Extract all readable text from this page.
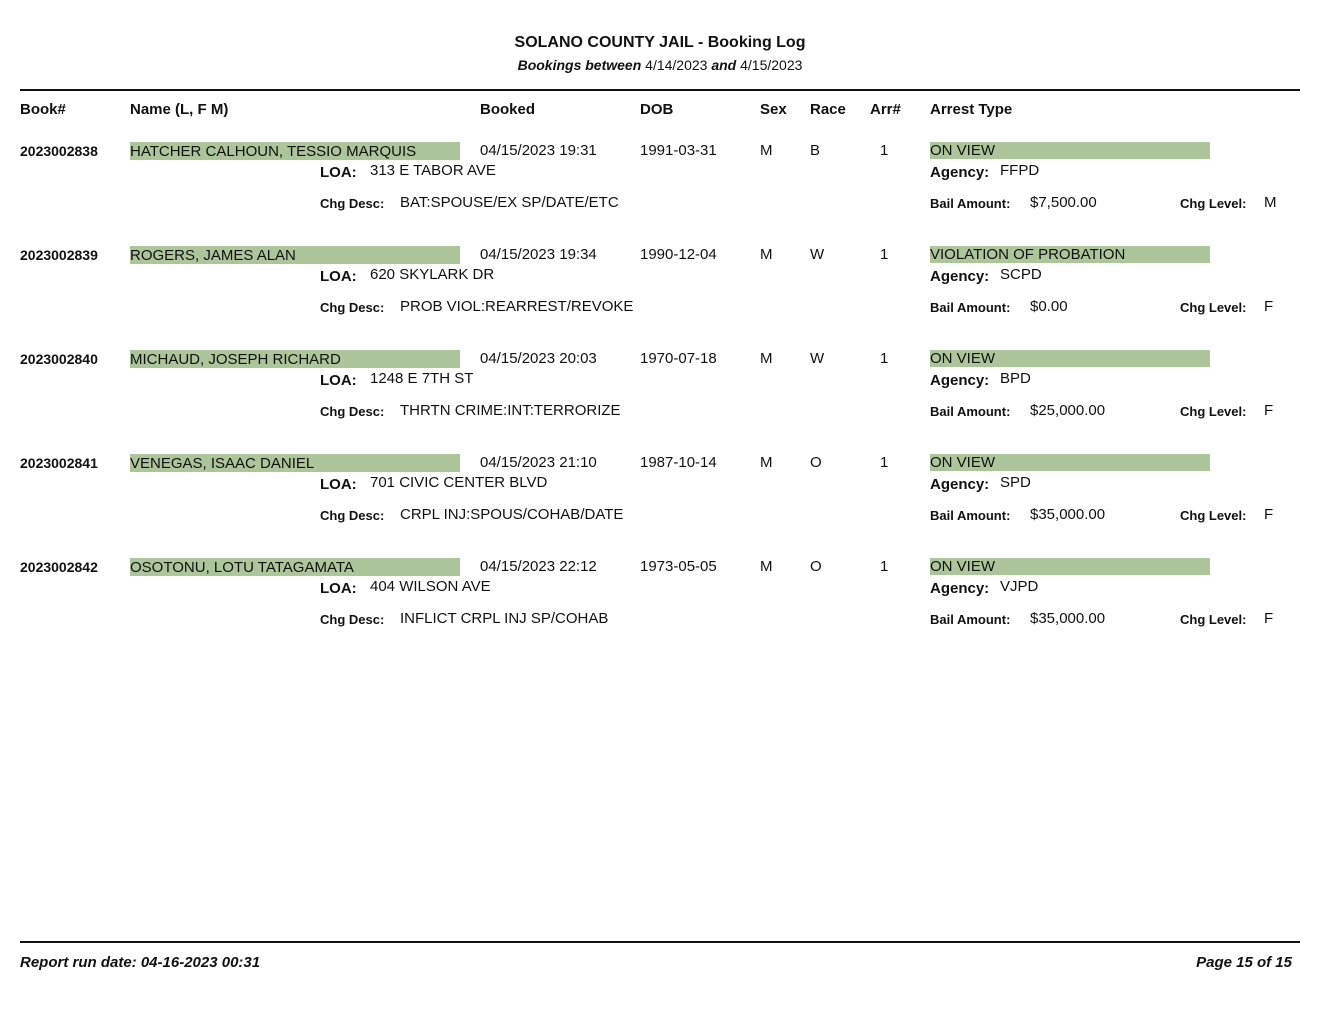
SOLANO COUNTY JAIL - Booking Log
Bookings between 4/14/2023 and 4/15/2023
Book#	Name (L, F M)	Booked	DOB	Sex Race Arr# Arrest Type
2023002838 HATCHER CALHOUN, TESSIO MARQUIS	04/15/2023 19:31	1991-03-31	M	B	1	ON VIEW
LOA: 313 E TABOR AVE	Agency: FFPD
Chg Desc: BAT:SPOUSE/EX SP/DATE/ETC	Bail Amount: $7,500.00	Chg Level: M
2023002839 ROGERS, JAMES ALAN	04/15/2023 19:34	1990-12-04	M	W	1	VIOLATION OF PROBATION
LOA: 620 SKYLARK DR	Agency: SCPD
Chg Desc: PROB VIOL:REARREST/REVOKE	Bail Amount: $0.00	Chg Level: F
2023002840 MICHAUD, JOSEPH RICHARD	04/15/2023 20:03	1970-07-18	M	W	1	ON VIEW
LOA: 1248 E 7TH ST	Agency: BPD
Chg Desc: THRTN CRIME:INT:TERRORIZE	Bail Amount: $25,000.00	Chg Level: F
2023002841 VENEGAS, ISAAC DANIEL	04/15/2023 21:10	1987-10-14	M	O	1	ON VIEW
LOA: 701 CIVIC CENTER BLVD	Agency: SPD
Chg Desc: CRPL INJ:SPOUS/COHAB/DATE	Bail Amount: $35,000.00	Chg Level: F
2023002842 OSOTONU, LOTU TATAGAMATA	04/15/2023 22:12	1973-05-05	M	O	1	ON VIEW
LOA: 404 WILSON AVE	Agency: VJPD
Chg Desc: INFLICT CRPL INJ SP/COHAB	Bail Amount: $35,000.00	Chg Level: F
Report run date: 04-16-2023 00:31	Page 15 of 15
